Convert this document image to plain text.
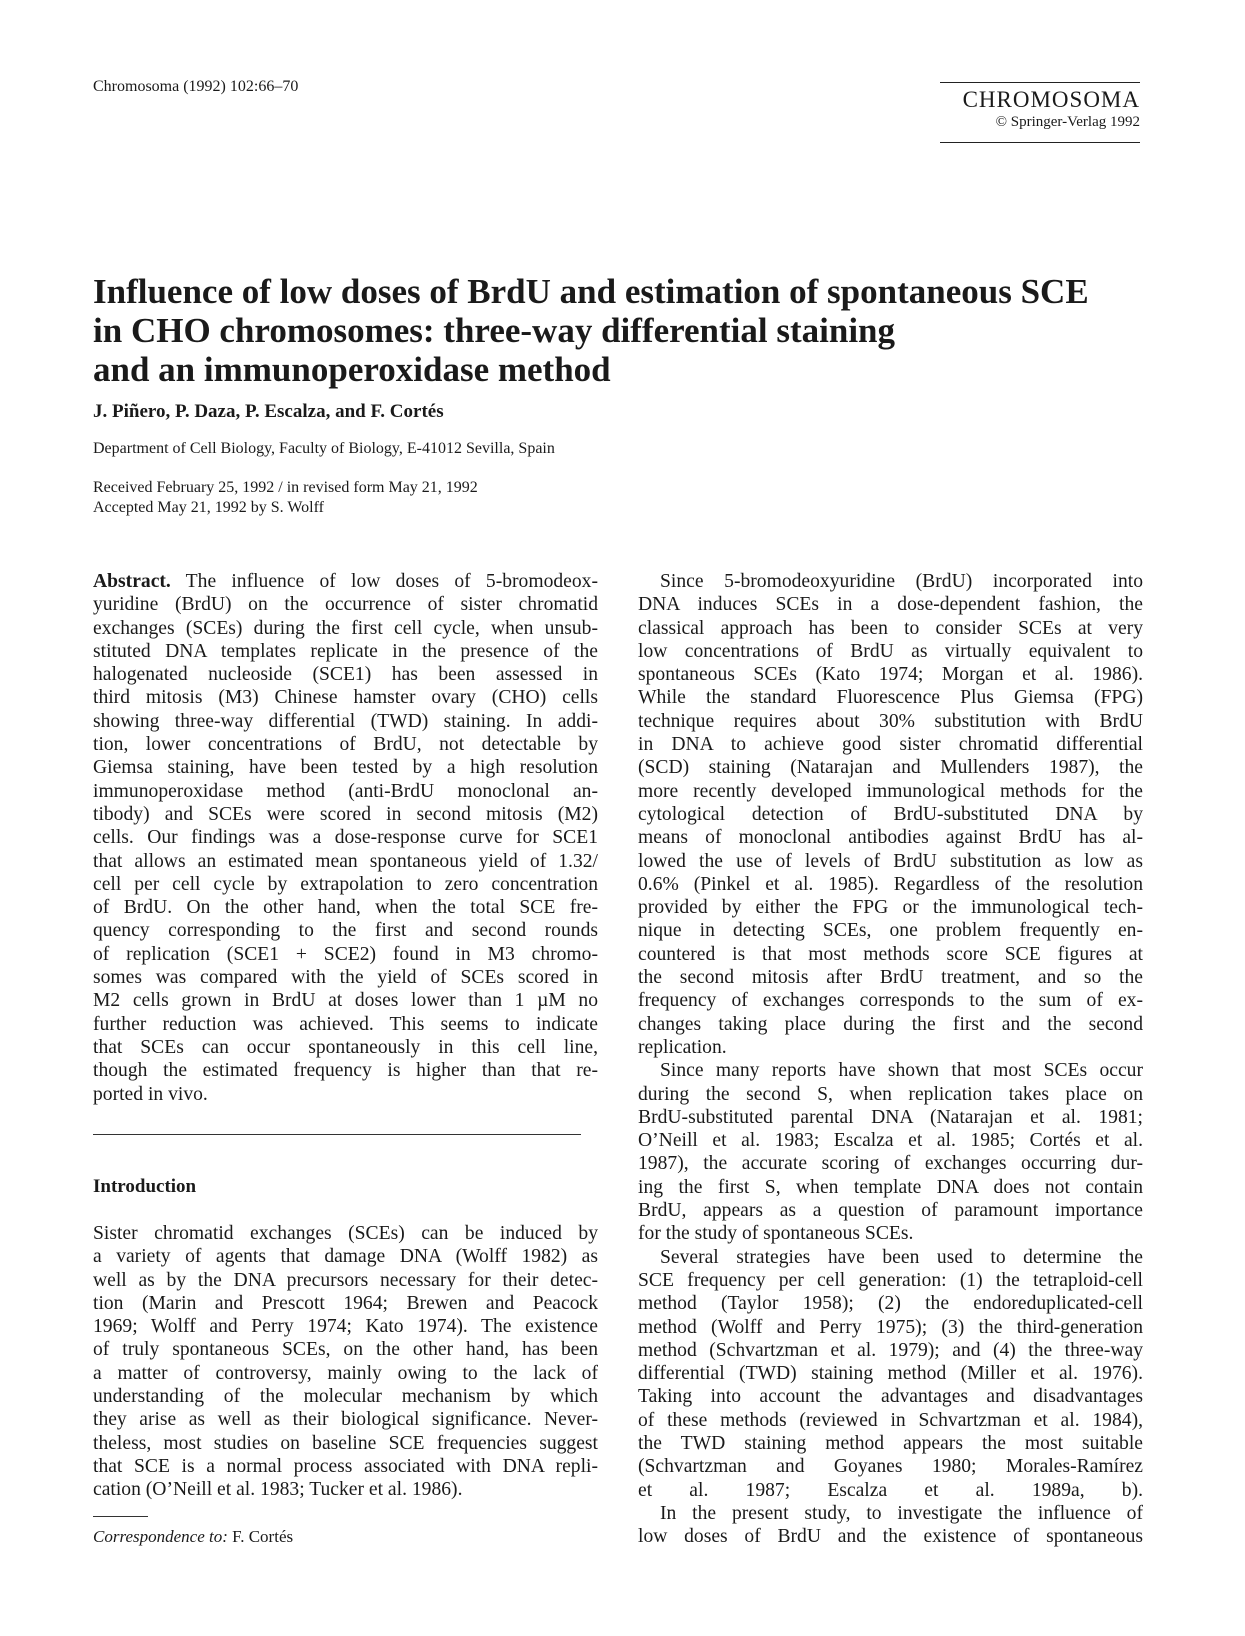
Chromosoma (1992) 102:66–70
CHROMOSOMA
© Springer-Verlag 1992
Influence of low doses of BrdU and estimation of spontaneous SCE
in CHO chromosomes: three-way differential staining
and an immunoperoxidase method
J. Piñero, P. Daza, P. Escalza, and F. Cortés
Department of Cell Biology, Faculty of Biology, E-41012 Sevilla, Spain
Received February 25, 1992 / in revised form May 21, 1992
Accepted May 21, 1992 by S. Wolff
Abstract. The influence of low doses of 5-bromodeox-
yuridine (BrdU) on the occurrence of sister chromatid
exchanges (SCEs) during the first cell cycle, when unsub-
stituted DNA templates replicate in the presence of the
halogenated nucleoside (SCE1) has been assessed in
third mitosis (M3) Chinese hamster ovary (CHO) cells
showing three-way differential (TWD) staining. In addi-
tion, lower concentrations of BrdU, not detectable by
Giemsa staining, have been tested by a high resolution
immunoperoxidase method (anti-BrdU monoclonal an-
tibody) and SCEs were scored in second mitosis (M2)
cells. Our findings was a dose-response curve for SCE1
that allows an estimated mean spontaneous yield of 1.32/
cell per cell cycle by extrapolation to zero concentration
of BrdU. On the other hand, when the total SCE fre-
quency corresponding to the first and second rounds
of replication (SCE1 + SCE2) found in M3 chromo-
somes was compared with the yield of SCEs scored in
M2 cells grown in BrdU at doses lower than 1 µM no
further reduction was achieved. This seems to indicate
that SCEs can occur spontaneously in this cell line,
though the estimated frequency is higher than that re-
ported in vivo.
Introduction
Sister chromatid exchanges (SCEs) can be induced by
a variety of agents that damage DNA (Wolff 1982) as
well as by the DNA precursors necessary for their detec-
tion (Marin and Prescott 1964; Brewen and Peacock
1969; Wolff and Perry 1974; Kato 1974). The existence
of truly spontaneous SCEs, on the other hand, has been
a matter of controversy, mainly owing to the lack of
understanding of the molecular mechanism by which
they arise as well as their biological significance. Never-
theless, most studies on baseline SCE frequencies suggest
that SCE is a normal process associated with DNA repli-
cation (O’Neill et al. 1983; Tucker et al. 1986).
Since 5-bromodeoxyuridine (BrdU) incorporated into
DNA induces SCEs in a dose-dependent fashion, the
classical approach has been to consider SCEs at very
low concentrations of BrdU as virtually equivalent to
spontaneous SCEs (Kato 1974; Morgan et al. 1986).
While the standard Fluorescence Plus Giemsa (FPG)
technique requires about 30% substitution with BrdU
in DNA to achieve good sister chromatid differential
(SCD) staining (Natarajan and Mullenders 1987), the
more recently developed immunological methods for the
cytological detection of BrdU-substituted DNA by
means of monoclonal antibodies against BrdU has al-
lowed the use of levels of BrdU substitution as low as
0.6% (Pinkel et al. 1985). Regardless of the resolution
provided by either the FPG or the immunological tech-
nique in detecting SCEs, one problem frequently en-
countered is that most methods score SCE figures at
the second mitosis after BrdU treatment, and so the
frequency of exchanges corresponds to the sum of ex-
changes taking place during the first and the second
replication.
Since many reports have shown that most SCEs occur
during the second S, when replication takes place on
BrdU-substituted parental DNA (Natarajan et al. 1981;
O’Neill et al. 1983; Escalza et al. 1985; Cortés et al.
1987), the accurate scoring of exchanges occurring dur-
ing the first S, when template DNA does not contain
BrdU, appears as a question of paramount importance
for the study of spontaneous SCEs.
Several strategies have been used to determine the
SCE frequency per cell generation: (1) the tetraploid-cell
method (Taylor 1958); (2) the endoreduplicated-cell
method (Wolff and Perry 1975); (3) the third-generation
method (Schvartzman et al. 1979); and (4) the three-way
differential (TWD) staining method (Miller et al. 1976).
Taking into account the advantages and disadvantages
of these methods (reviewed in Schvartzman et al. 1984),
the TWD staining method appears the most suitable
(Schvartzman and Goyanes 1980; Morales-Ramírez
et al. 1987; Escalza et al. 1989a, b).
In the present study, to investigate the influence of
low doses of BrdU and the existence of spontaneous
Correspondence to: F. Cortés
